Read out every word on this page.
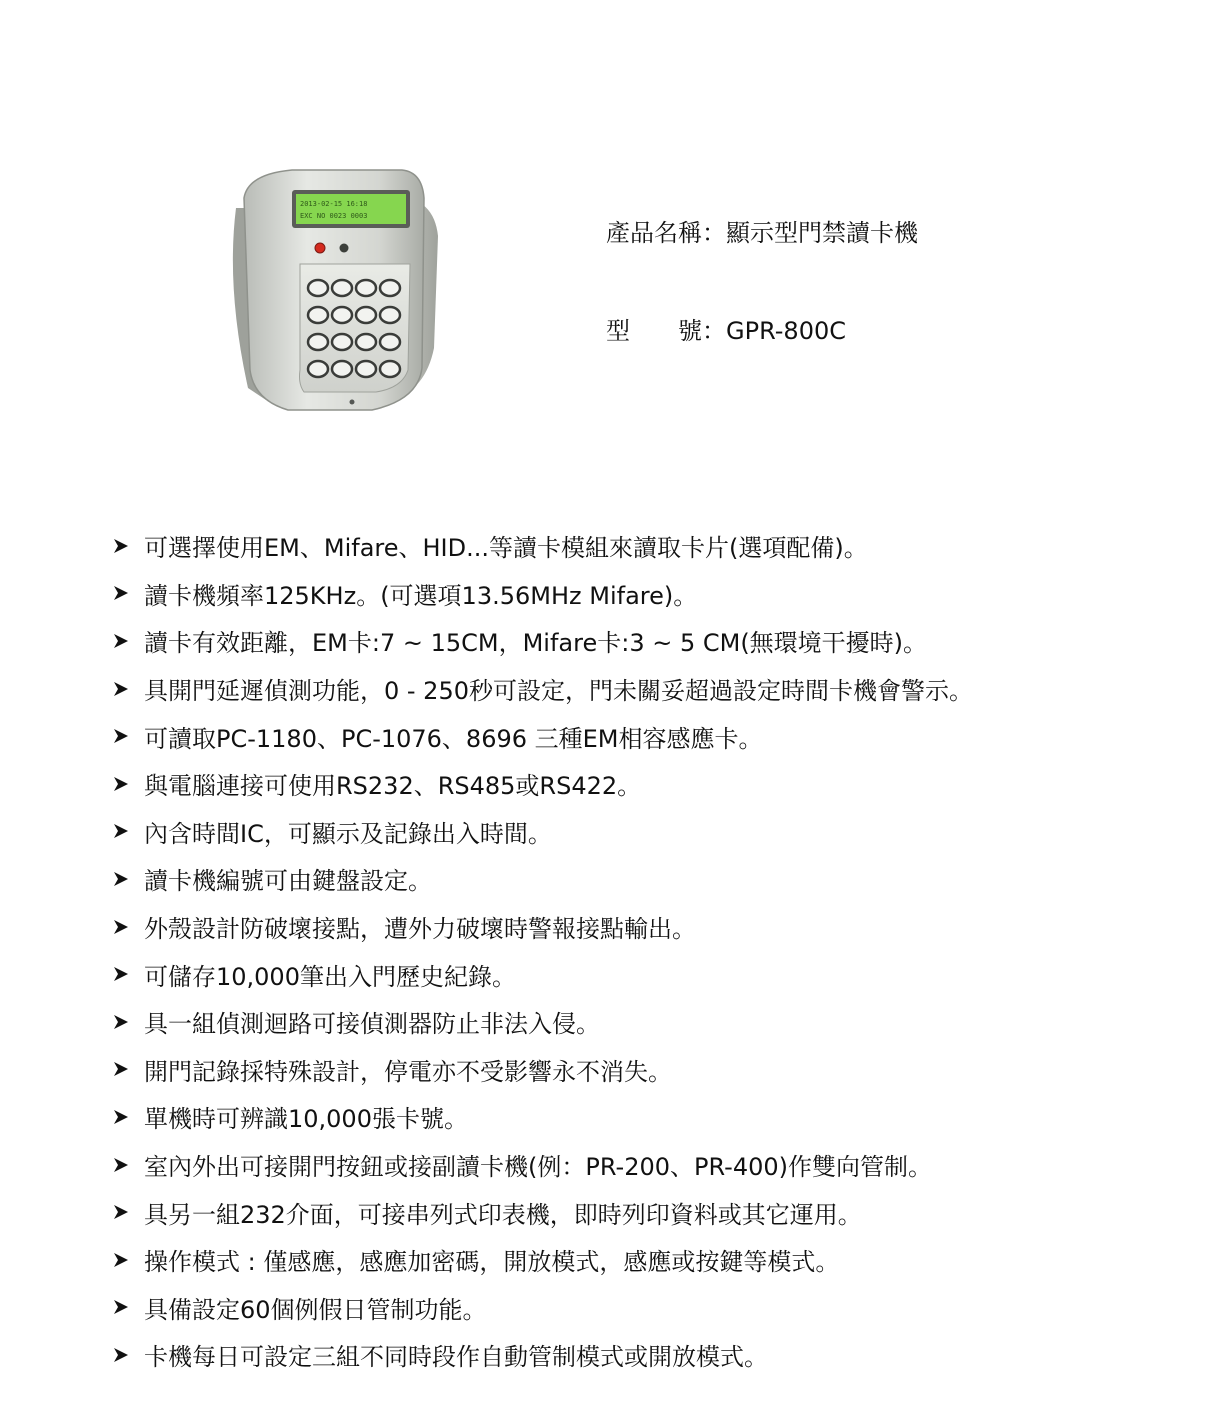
2013-02-15 16:18
EXC NO 0023 0003
產品名稱：顯示型門禁讀卡機
型　　號：GPR-800C
可選擇使用EM、Mifare、HID...等讀卡模組來讀取卡片(選項配備)。
讀卡機頻率125KHz。(可選項13.56MHz Mifare)。
讀卡有效距離，EM卡:7 ~ 15CM，Mifare卡:3 ~ 5 CM(無環境干擾時)。
具開門延遲偵測功能，0 - 250秒可設定，門未關妥超過設定時間卡機會警示。
可讀取PC-1180、PC-1076、8696 三種EM相容感應卡。
與電腦連接可使用RS232、RS485或RS422。
內含時間IC，可顯示及記錄出入時間。
讀卡機編號可由鍵盤設定。
外殼設計防破壞接點，遭外力破壞時警報接點輸出。
可儲存10,000筆出入門歷史紀錄。
具一組偵測迴路可接偵測器防止非法入侵。
開門記錄採特殊設計，停電亦不受影響永不消失。
單機時可辨識10,000張卡號。
室內外出可接開門按鈕或接副讀卡機(例：PR-200、PR-400)作雙向管制。
具另一組232介面，可接串列式印表機，即時列印資料或其它運用。
操作模式 : 僅感應，感應加密碼，開放模式，感應或按鍵等模式。
具備設定60個例假日管制功能。
卡機每日可設定三組不同時段作自動管制模式或開放模式。
